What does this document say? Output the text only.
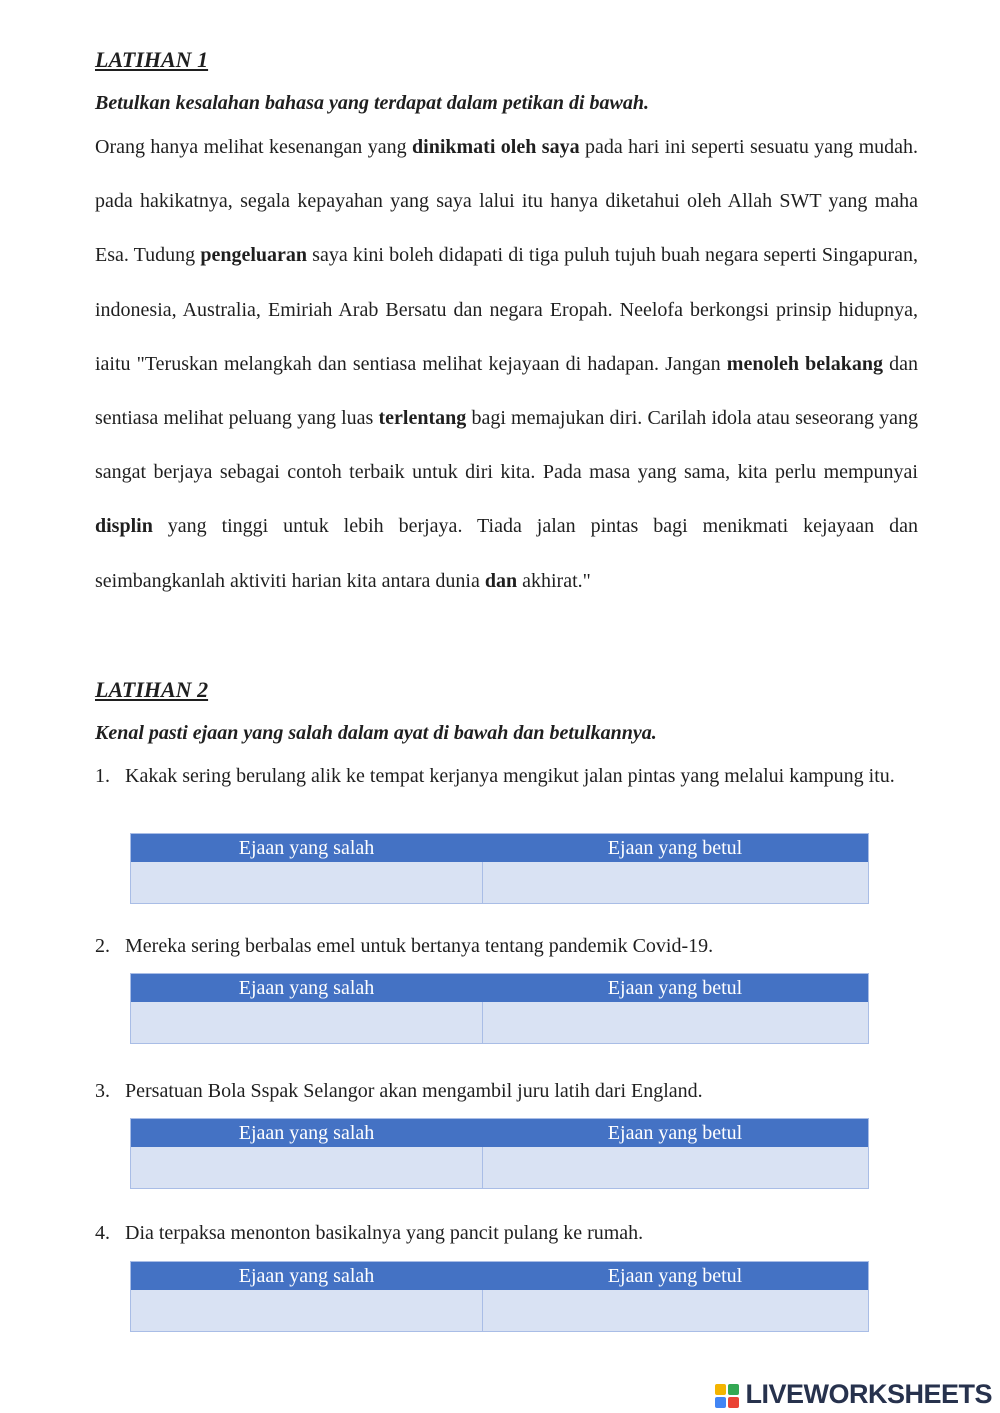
LATIHAN 1

Betulkan kesalahan bahasa yang terdapat dalam petikan di bawah.

Orang hanya melihat kesenangan yang dinikmati oleh saya pada hari ini seperti sesuatu yang mudah. pada hakikatnya, segala kepayahan yang saya lalui itu hanya diketahui oleh Allah SWT yang maha Esa. Tudung pengeluaran saya kini boleh didapati di tiga puluh tujuh buah negara seperti Singapuran, indonesia, Australia, Emiriah Arab Bersatu dan negara Eropah. Neelofa berkongsi prinsip hidupnya, iaitu "Teruskan melangkah dan sentiasa melihat kejayaan di hadapan. Jangan menoleh belakang dan sentiasa melihat peluang yang luas terlentang bagi memajukan diri. Carilah idola atau seseorang yang sangat berjaya sebagai contoh terbaik untuk diri kita. Pada masa yang sama, kita perlu mempunyai displin yang tinggi untuk lebih berjaya. Tiada jalan pintas bagi menikmati kejayaan dan seimbangkanlah aktiviti harian kita antara dunia dan akhirat."

LATIHAN 2

Kenal pasti ejaan yang salah dalam ayat di bawah dan betulkannya.

1. Kakak sering berulang alik ke tempat kerjanya mengikut jalan pintas yang melalui kampung itu.
Ejaan yang salah	Ejaan yang betul
2. Mereka sering berbalas emel untuk bertanya tentang pandemik Covid-19.
Ejaan yang salah	Ejaan yang betul
3. Persatuan Bola Sspak Selangor akan mengambil juru latih dari England.
Ejaan yang salah	Ejaan yang betul
4. Dia terpaksa menonton basikalnya yang pancit pulang ke rumah.
Ejaan yang salah	Ejaan yang betul
LIVEWORKSHEETS
